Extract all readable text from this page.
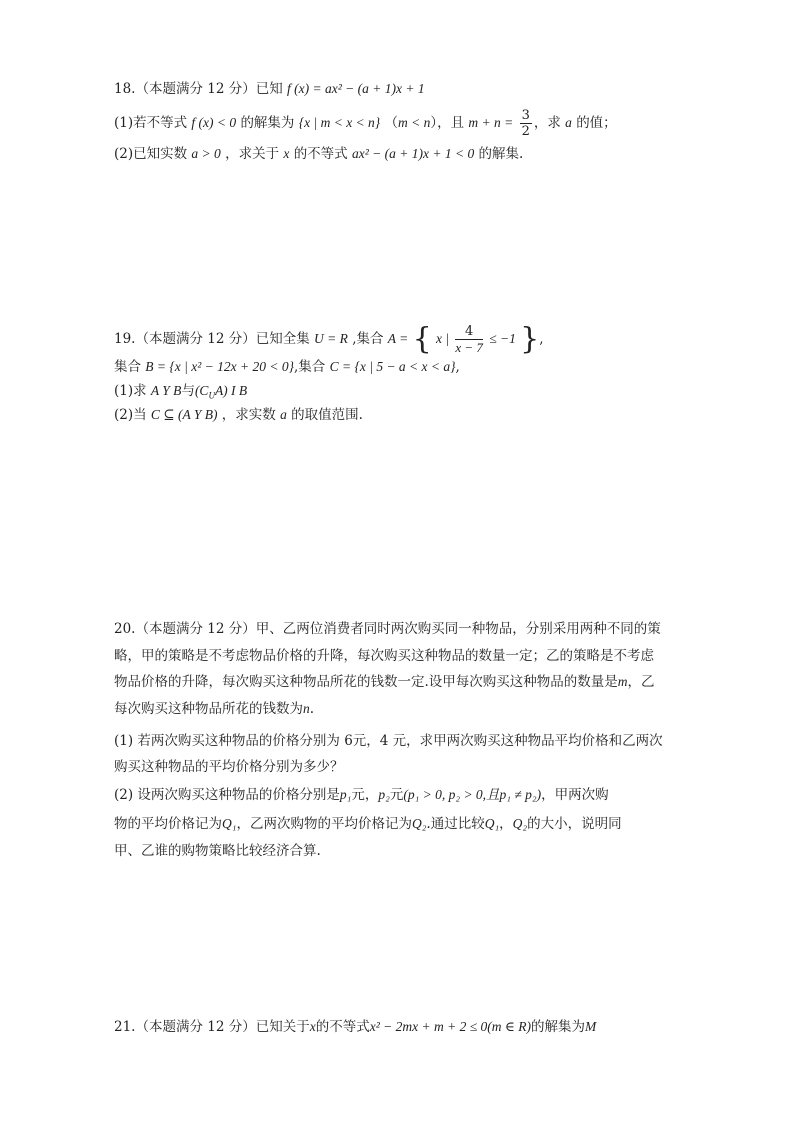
18.（本题满分 12 分）已知 f (x) = ax² − (a + 1)x + 1
(1)若不等式 f (x) < 0 的解集为 {x | m < x < n} （m < n），且 $m + n = \frac{3}{2}$ ，求 a 的值；
(2)已知实数 a > 0 ，求关于 x 的不等式 ax² − (a + 1)x + 1 < 0 的解集.
19.（本题满分 12 分）已知全集 U = R ,集合 A = { x | $\frac{4}{x - 7} \le -1$ },
集合 B = {x | x² − 12x + 20 < 0},集合 C = {x | 5 − a < x < a},
(1)求 A Y B与$(C_UA)$ I B
(2)当 C ⊆ (A Y B) ，求实数 a 的取值范围.
20.（本题满分 12 分）甲、乙两位消费者同时两次购买同一种物品，分别采用两种不同的策
略，甲的策略是不考虑物品价格的升降，每次购买这种物品的数量一定；乙的策略是不考虑
物品价格的升降，每次购买这种物品所花的钱数一定.设甲每次购买这种物品的数量是m，乙
每次购买这种物品所花的钱数为n.
(1) 若两次购买这种物品的价格分别为 6元，4 元，求甲两次购买这种物品平均价格和乙两次
购买这种物品的平均价格分别为多少？
(2) 设两次购买这种物品的价格分别是p₁元，p₂元(p₁ > 0, p₂ > 0,且p₁ ≠ p₂)，甲两次购
物的平均价格记为Q₁，乙两次购物的平均价格记为Q₂.通过比较Q₁，Q₂的大小，说明同
甲、乙谁的购物策略比较经济合算.
21.（本题满分 12 分）已知关于x的不等式x² − 2mx + m + 2 ≤ 0(m ∈ R)的解集为M
